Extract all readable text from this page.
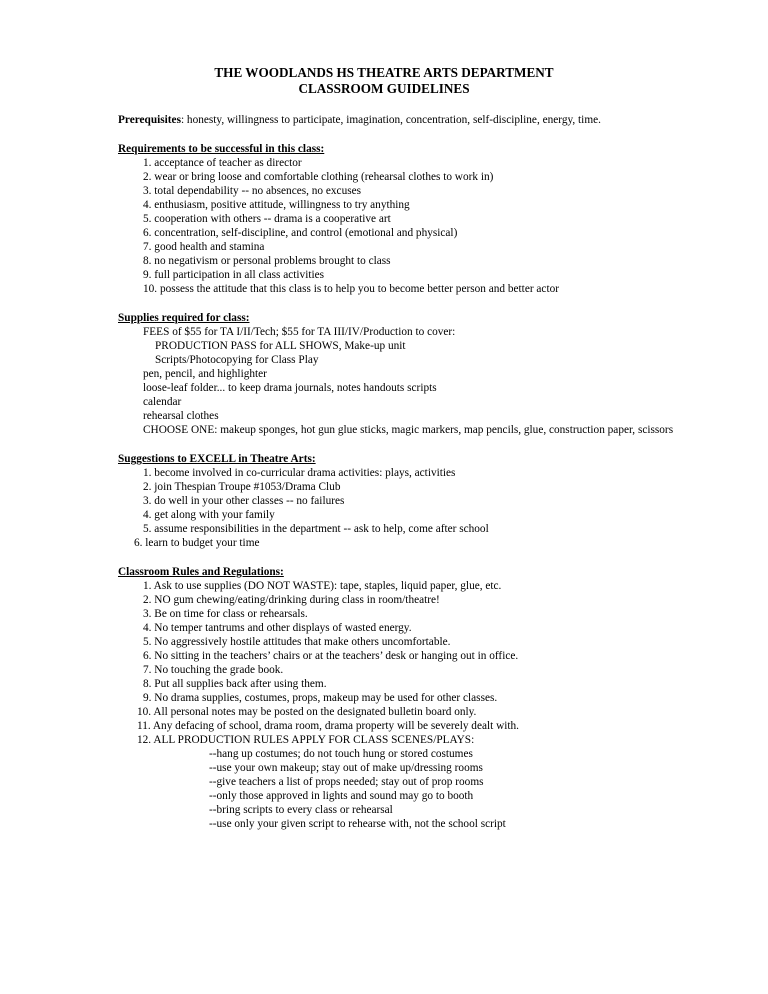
THE WOODLANDS HS THEATRE ARTS DEPARTMENT
CLASSROOM GUIDELINES
Prerequisites: honesty, willingness to participate, imagination, concentration, self-discipline, energy, time.
Requirements to be successful in this class:
1. acceptance of teacher as director
2. wear or bring loose and comfortable clothing (rehearsal clothes to work in)
3. total dependability -- no absences, no excuses
4. enthusiasm, positive attitude, willingness to try anything
5. cooperation with others -- drama is a cooperative art
6. concentration, self-discipline, and control (emotional and physical)
7. good health and stamina
8. no negativism or personal problems brought to class
9. full participation in all class activities
10. possess the attitude that this class is to help you to become better person and better actor
Supplies required for class:
FEES of $55 for TA I/II/Tech; $55 for TA III/IV/Production to cover:
PRODUCTION PASS for ALL SHOWS, Make-up unit
Scripts/Photocopying for Class Play
pen, pencil, and highlighter
loose-leaf folder... to keep drama journals, notes handouts scripts
calendar
rehearsal clothes
CHOOSE ONE: makeup sponges, hot gun glue sticks, magic markers, map pencils, glue, construction paper, scissors
Suggestions to EXCELL in Theatre Arts:
1. become involved in co-curricular drama activities: plays, activities
2. join Thespian Troupe #1053/Drama Club
3. do well in your other classes -- no failures
4. get along with your family
5. assume responsibilities in the department -- ask to help, come after school
6. learn to budget your time
Classroom Rules and Regulations:
1. Ask to use supplies (DO NOT WASTE): tape, staples, liquid paper, glue, etc.
2. NO gum chewing/eating/drinking during class in room/theatre!
3. Be on time for class or rehearsals.
4. No temper tantrums and other displays of wasted energy.
5. No aggressively hostile attitudes that make others uncomfortable.
6. No sitting in the teachers’ chairs or at the teachers’ desk or hanging out in office.
7. No touching the grade book.
8. Put all supplies back after using them.
9. No drama supplies, costumes, props, makeup may be used for other classes.
10. All personal notes may be posted on the designated bulletin board only.
11. Any defacing of school, drama room, drama property will be severely dealt with.
12. ALL PRODUCTION RULES APPLY FOR CLASS SCENES/PLAYS:
--hang up costumes; do not touch hung or stored costumes
--use your own makeup; stay out of make up/dressing rooms
--give teachers a list of props needed; stay out of prop rooms
--only those approved in lights and sound may go to booth
--bring scripts to every class or rehearsal
--use only your given script to rehearse with, not the school script
